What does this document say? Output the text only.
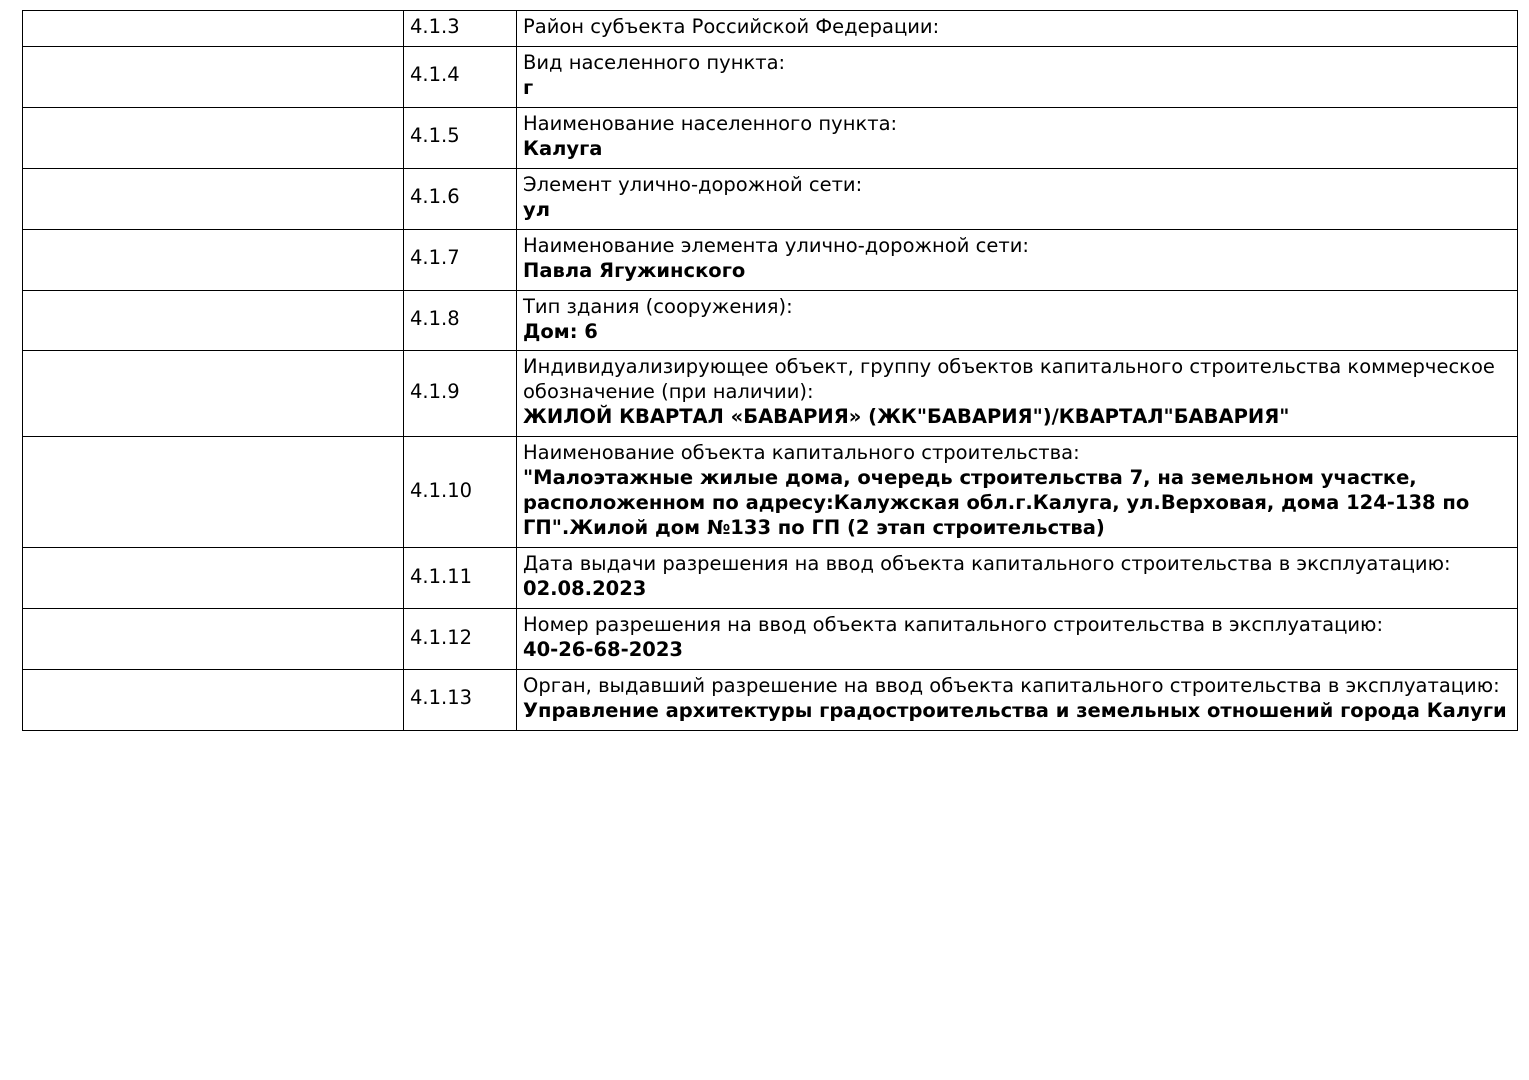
	4.1.3	Район субъекта Российской Федерации:

	4.1.4	Вид населенного пункта:
г

	4.1.5	Наименование населенного пункта:
Калуга

	4.1.6	Элемент улично-дорожной сети:
ул

	4.1.7	Наименование элемента улично-дорожной сети:
Павла Ягужинского

	4.1.8	Тип здания (сооружения):
Дом: 6

	4.1.9	Индивидуализирующее объект, группу объектов капитального строительства коммерческое обозначение (при наличии):
ЖИЛОЙ КВАРТАЛ «БАВАРИЯ» (ЖК"БАВАРИЯ")/КВАРТАЛ"БАВАРИЯ"

	4.1.10	Наименование объекта капитального строительства:
"Малоэтажные жилые дома, очередь строительства 7, на земельном участке, расположенном по адресу:Калужская обл.г.Калуга, ул.Верховая, дома 124-138 по ГП".Жилой дом №133 по ГП (2 этап строительства)

	4.1.11	Дата выдачи разрешения на ввод объекта капитального строительства в эксплуатацию:
02.08.2023

	4.1.12	Номер разрешения на ввод объекта капитального строительства в эксплуатацию:
40-26-68-2023

	4.1.13	Орган, выдавший разрешение на ввод объекта капитального строительства в эксплуатацию:
Управление архитектуры градостроительства и земельных отношений города Калуги
